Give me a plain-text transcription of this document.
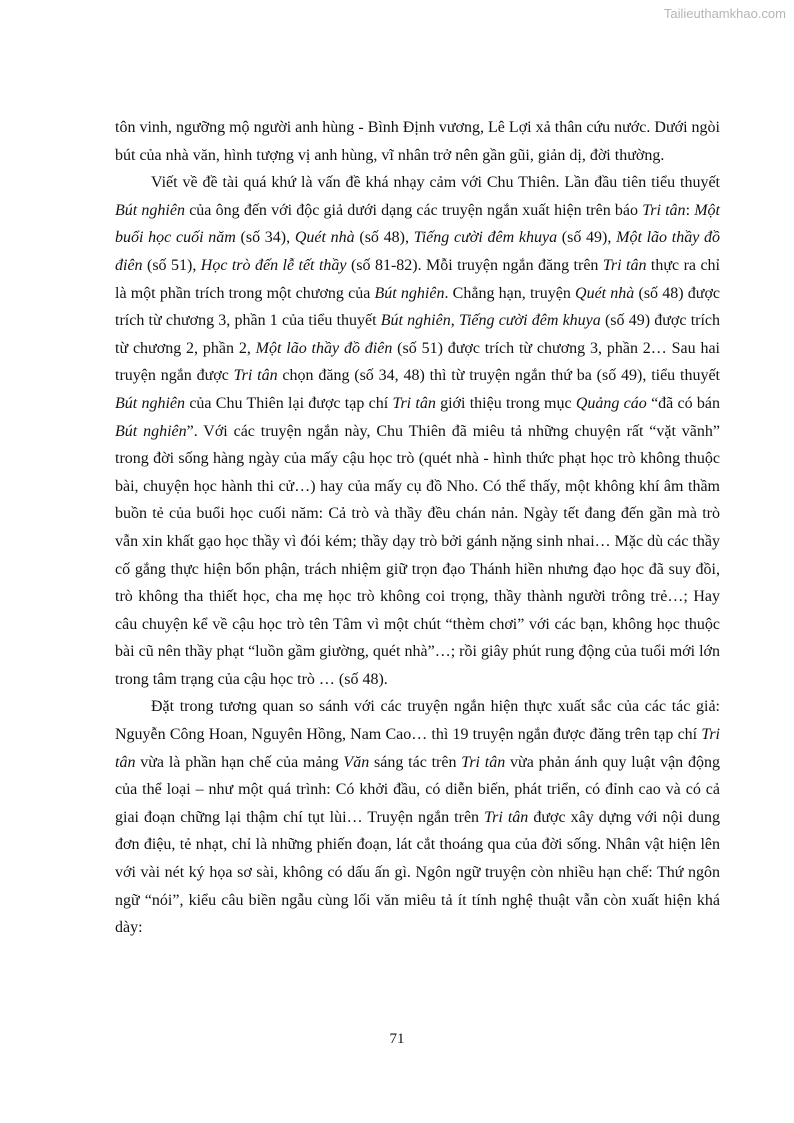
Tailieuthamkhao.com

tôn vinh, ngưỡng mộ người anh hùng - Bình Định vương, Lê Lợi xả thân cứu nước. Dưới ngòi bút của nhà văn, hình tượng vị anh hùng, vĩ nhân trở nên gần gũi, giản dị, đời thường.

Viết về đề tài quá khứ là vấn đề khá nhạy cảm với Chu Thiên. Lần đầu tiên tiểu thuyết Bút nghiên của ông đến với độc giả dưới dạng các truyện ngắn xuất hiện trên báo Tri tân: Một buổi học cuối năm (số 34), Quét nhà (số 48), Tiếng cười đêm khuya (số 49), Một lão thầy đồ điên (số 51), Học trò đến lễ tết thầy (số 81-82). Mỗi truyện ngắn đăng trên Tri tân thực ra chỉ là một phần trích trong một chương của Bút nghiên. Chẳng hạn, truyện Quét nhà (số 48) được trích từ chương 3, phần 1 của tiểu thuyết Bút nghiên, Tiếng cười đêm khuya (số 49) được trích từ chương 2, phần 2, Một lão thầy đồ điên (số 51) được trích từ chương 3, phần 2… Sau hai truyện ngắn được Tri tân chọn đăng (số 34, 48) thì từ truyện ngắn thứ ba (số 49), tiểu thuyết Bút nghiên của Chu Thiên lại được tạp chí Tri tân giới thiệu trong mục Quảng cáo “đã có bán Bút nghiên”. Với các truyện ngắn này, Chu Thiên đã miêu tả những chuyện rất “vặt vãnh” trong đời sống hàng ngày của mấy cậu học trò (quét nhà - hình thức phạt học trò không thuộc bài, chuyện học hành thi cử…) hay của mấy cụ đồ Nho. Có thể thấy, một không khí âm thầm buồn tẻ của buổi học cuối năm: Cả trò và thầy đều chán nản. Ngày tết đang đến gần mà trò vẫn xin khất gạo học thầy vì đói kém; thầy dạy trò bởi gánh nặng sinh nhai… Mặc dù các thầy cố gắng thực hiện bổn phận, trách nhiệm giữ trọn đạo Thánh hiền nhưng đạo học đã suy đồi, trò không tha thiết học, cha mẹ học trò không coi trọng, thầy thành người trông trẻ…; Hay câu chuyện kể về cậu học trò tên Tâm vì một chút “thèm chơi” với các bạn, không học thuộc bài cũ nên thầy phạt “luồn gầm giường, quét nhà”…; rồi giây phút rung động của tuổi mới lớn trong tâm trạng của cậu học trò … (số 48).

Đặt trong tương quan so sánh với các truyện ngắn hiện thực xuất sắc của các tác giả: Nguyễn Công Hoan, Nguyên Hồng, Nam Cao… thì 19 truyện ngắn được đăng trên tạp chí Tri tân vừa là phần hạn chế của mảng Văn sáng tác trên Tri tân vừa phản ánh quy luật vận động của thể loại – như một quá trình: Có khởi đầu, có diễn biến, phát triển, có đỉnh cao và có cả giai đoạn chững lại thậm chí tụt lùi… Truyện ngắn trên Tri tân được xây dựng với nội dung đơn điệu, tẻ nhạt, chỉ là những phiến đoạn, lát cắt thoáng qua của đời sống. Nhân vật hiện lên với vài nét ký họa sơ sài, không có dấu ấn gì. Ngôn ngữ truyện còn nhiều hạn chế: Thứ ngôn ngữ “nói”, kiểu câu biền ngẫu cùng lối văn miêu tả ít tính nghệ thuật vẫn còn xuất hiện khá dày:

71
